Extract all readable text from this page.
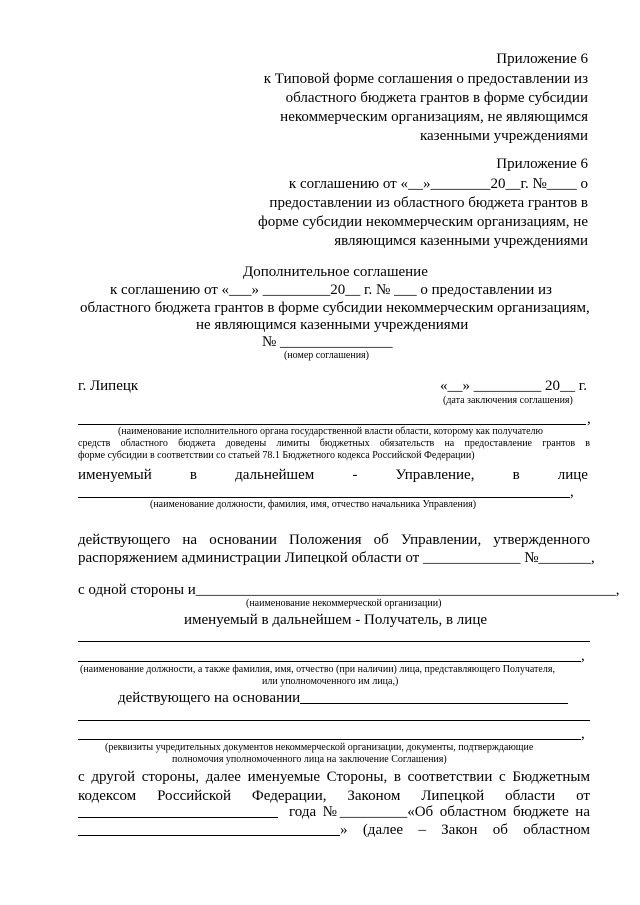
Приложение 6
к Типовой форме соглашения о предоставлении из
областного бюджета грантов в форме субсидии
некоммерческим организациям, не являющимся
казенными учреждениями
Приложение 6
к соглашению от «__»________20__г. №____ о
предоставлении из областного бюджета грантов в
форме субсидии некоммерческим организациям, не
являющимся казенными учреждениями
Дополнительное соглашение
к соглашению от «___» _________20__ г. № ___ о предоставлении из
областного бюджета грантов в форме субсидии некоммерческим организациям,
не являющимся казенными учреждениями
№ _______________
(номер соглашения)
г. Липецк	«__» _________ 20__ г.
(дата заключения соглашения)
,
(наименование исполнительного органа государственной власти области, которому как получателю
средств областного бюджета доведены лимиты бюджетных обязательств на предоставление грантов в
форме субсидии в соответствии со статьей 78.1 Бюджетного кодекса Российской Федерации)
именуемый	в	дальнейшем	-	Управление,	в	лице
,
(наименование должности, фамилия, имя, отчество начальника Управления)
действующего на основании Положения об Управлении, утвержденного
распоряжением администрации Липецкой области от _____________ №_______,
с одной стороны и________________________________________________________,
(наименование некоммерческой организации)
именуемый в дальнейшем - Получатель, в лице
,
(наименование должности, а также фамилия, имя, отчество (при наличии) лица, представляющего Получателя,
или уполномоченного им лица,)
действующего на основании
,
(реквизиты учредительных документов некоммерческой организации, документы, подтверждающие
полномочия уполномоченного лица на заключение Соглашения)
с другой стороны, далее именуемые Стороны, в соответствии с Бюджетным
кодексом Российской Федерации, Законом Липецкой области от
года №_________«Об областном бюджете на
» (далее – Закон об областном
